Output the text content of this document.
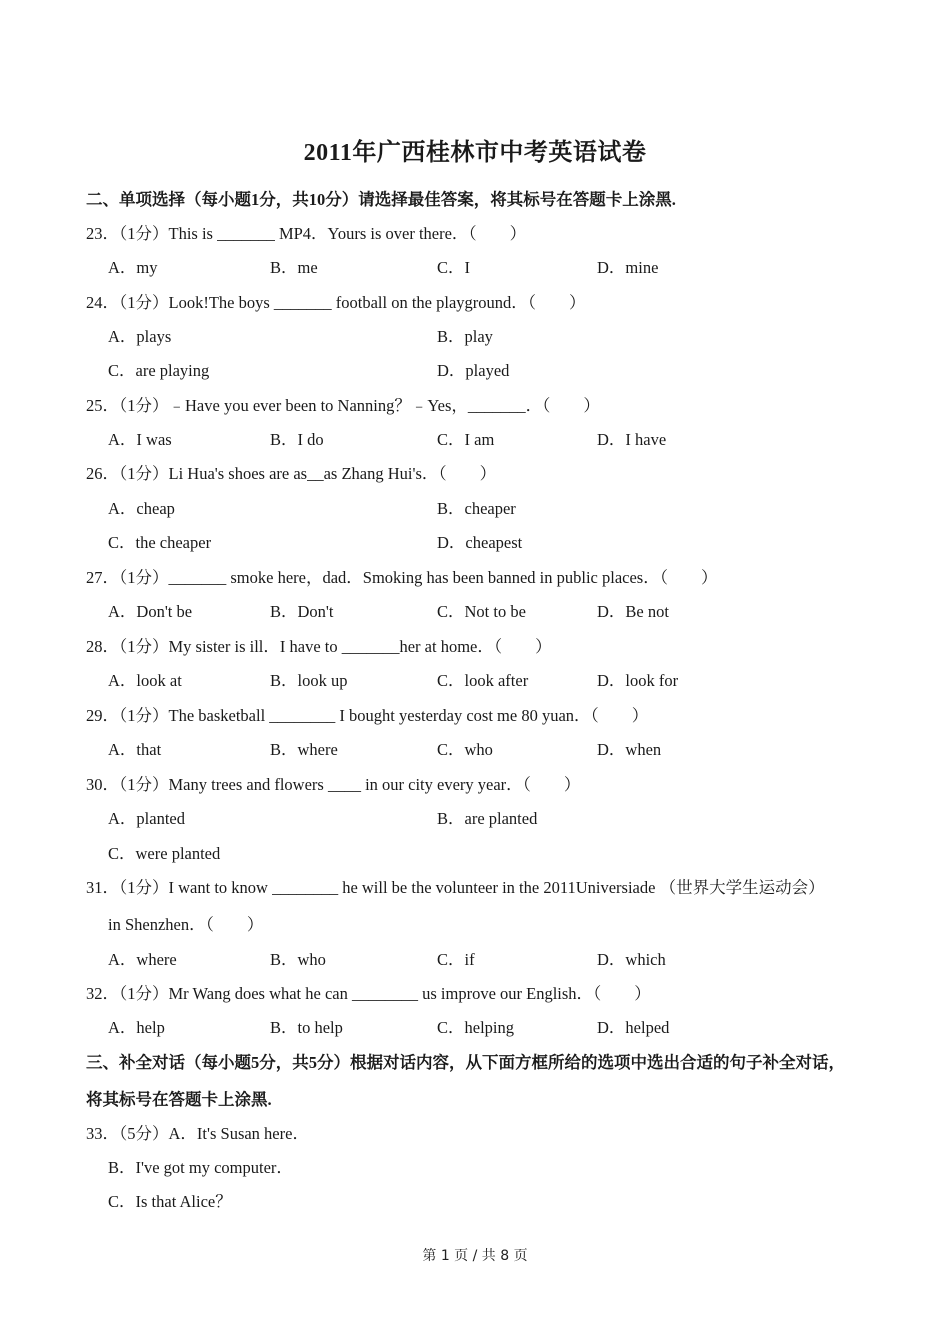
2011年广西桂林市中考英语试卷
二、单项选择（每小题1分，共10分）请选择最佳答案，将其标号在答题卡上涂黑.
23．（1分）This is _______ MP4．Yours is over there．（　　）
A．my	B．me	C．I	D．mine
24．（1分）Look!The boys _______ football on the playground．（　　）
A．plays	B．play
C．are playing	D．played
25．（1分）﹣Have you ever been to Nanning？﹣Yes，_______．（　　）
A．I was	B．I do	C．I am	D．I have
26．（1分）Li Hua's shoes are as__as Zhang Hui's．（　　）
A．cheap	B．cheaper
C．the cheaper	D．cheapest
27．（1分）_______ smoke here，dad．Smoking has been banned in public places．（　　）
A．Don't be	B．Don't	C．Not to be	D．Be not
28．（1分）My sister is ill．I have to _______her at home．（　　）
A．look at	B．look up	C．look after	D．look for
29．（1分）The basketball ________ I bought yesterday cost me 80 yuan．（　　）
A．that	B．where	C．who	D．when
30．（1分）Many trees and flowers ____ in our city every year．（　　）
A．planted	B．are planted
C．were planted
31．（1分）I want to know ________ he will be the volunteer in the 2011Universiade （世界大学生运动会）
in Shenzhen．（　　）
A．where	B．who	C．if	D．which
32．（1分）Mr Wang does what he can ________ us improve our English．（　　）
A．help	B．to help	C．helping	D．helped
三、补全对话（每小题5分，共5分）根据对话内容，从下面方框所给的选项中选出合适的句子补全对话，
将其标号在答题卡上涂黑.
33．（5分）A．It's Susan here．
B．I've got my computer．
C．Is that Alice？
第 1 页 / 共 8 页
